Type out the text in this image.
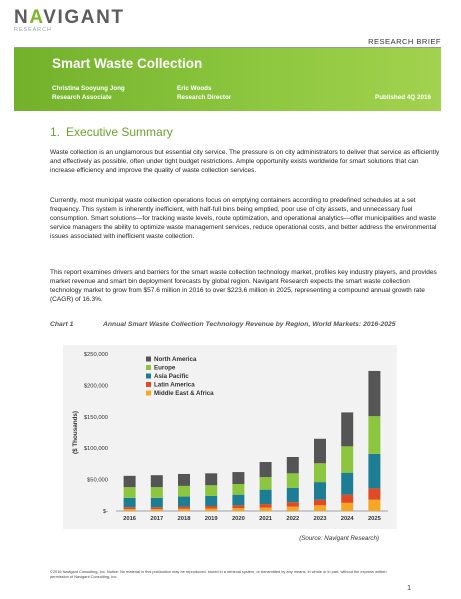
NAVIGANT
RESEARCH
RESEARCH BRIEF
Smart Waste Collection
Christina Sooyung Jong
Research Associate
Eric Woods
Research Director	Published 4Q 2016
1. Executive Summary

Waste collection is an unglamorous but essential city service. The pressure is on city administrators to deliver that service as efficiently and effectively as possible, often under tight budget restrictions. Ample opportunity exists worldwide for smart solutions that can increase efficiency and improve the quality of waste collection services.

Currently, most municipal waste collection operations focus on emptying containers according to predefined schedules at a set frequency. This system is inherently inefficient, with half-full bins being emptied, poor use of city assets, and unnecessary fuel consumption. Smart solutions—for tracking waste levels, route optimization, and operational analytics—offer municipalities and waste service managers the ability to optimize waste management services, reduce operational costs, and better address the environmental issues associated with inefficient waste collection.

This report examines drivers and barriers for the smart waste collection technology market, profiles key industry players, and provides market revenue and smart bin deployment forecasts by global region. Navigant Research expects the smart waste collection technology market to grow from $57.6 million in 2016 to over $223.6 million in 2025, representing a compound annual growth rate (CAGR) of 16.3%.

Chart 1	Annual Smart Waste Collection Technology Revenue by Region, World Markets: 2016-2025
$-
$50,000
$100,000
$150,000
$200,000
$250,000
($ Thousands)
2016 2017 2018 2019 2020 2021 2022 2023 2024 2025
North America
Europe
Asia Pacific
Latin America
Middle East & Africa
(Source: Navigant Research)
©2016 Navigant Consulting, Inc. Notice: No material in this publication may be reproduced, stored in a retrieval system, or transmitted by any means, in whole or in part, without the express written permission of Navigant Consulting, Inc.
1
